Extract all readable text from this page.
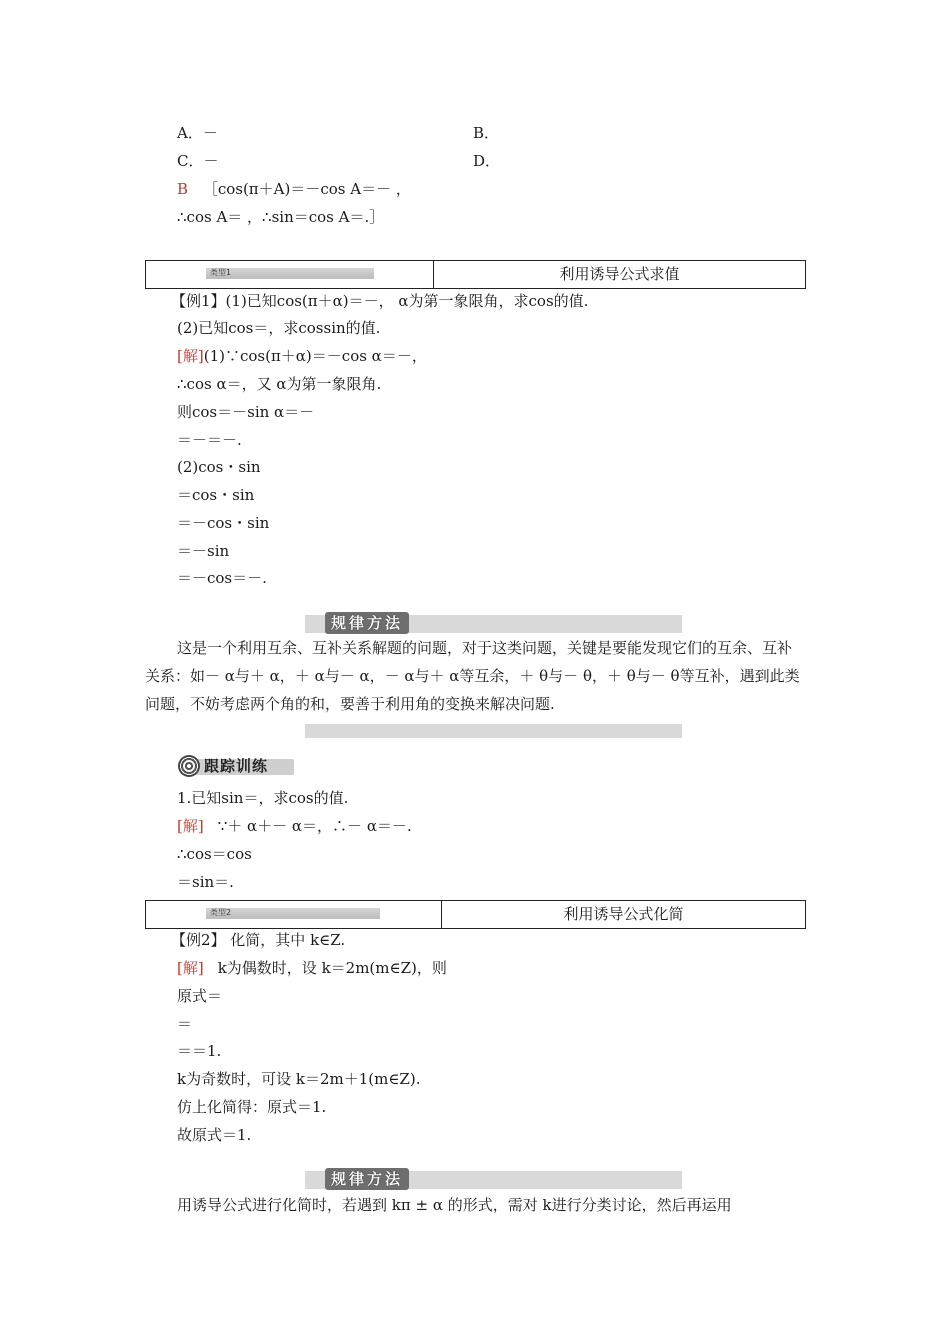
A．－	B．
C．－	D．
B ［cos(π＋A)＝－cos A＝－ ，
∴cos A＝ ，∴sin＝cos A＝.］
类型1	利用诱导公式求值
【例1】(1)已知cos(π＋α)＝－， α为第一象限角，求cos的值.
(2)已知cos＝，求cossin的值.
[解](1)∵cos(π＋α)＝－cos α＝－，
∴cos α＝，又 α为第一象限角.
则cos＝－sin α＝－
＝－＝－.
(2)cos・sin
＝cos・sin
＝－cos・sin
＝－sin
＝－cos＝－.
规律方法
这是一个利用互余、互补关系解题的问题，对于这类问题，关键是要能发现它们的互余、互补关系：如－ α与＋ α，＋ α与－ α，－ α与＋ α等互余，＋ θ与－ θ，＋ θ与－ θ等互补，遇到此类问题，不妨考虑两个角的和，要善于利用角的变换来解决问题.
跟踪训练
1.已知sin＝，求cos的值.
[解] ∵＋ α＋－ α＝，∴－ α＝－.
∴cos＝cos
＝sin＝.
类型2	利用诱导公式化简
【例2】 化简，其中 k∈Z.
[解] k为偶数时，设 k＝2m(m∈Z)，则
原式＝
＝
＝＝1.
k为奇数时，可设 k＝2m＋1(m∈Z).
仿上化简得：原式＝1.
故原式＝1.
规律方法
用诱导公式进行化简时，若遇到 kπ ± α 的形式，需对 k进行分类讨论，然后再运用
